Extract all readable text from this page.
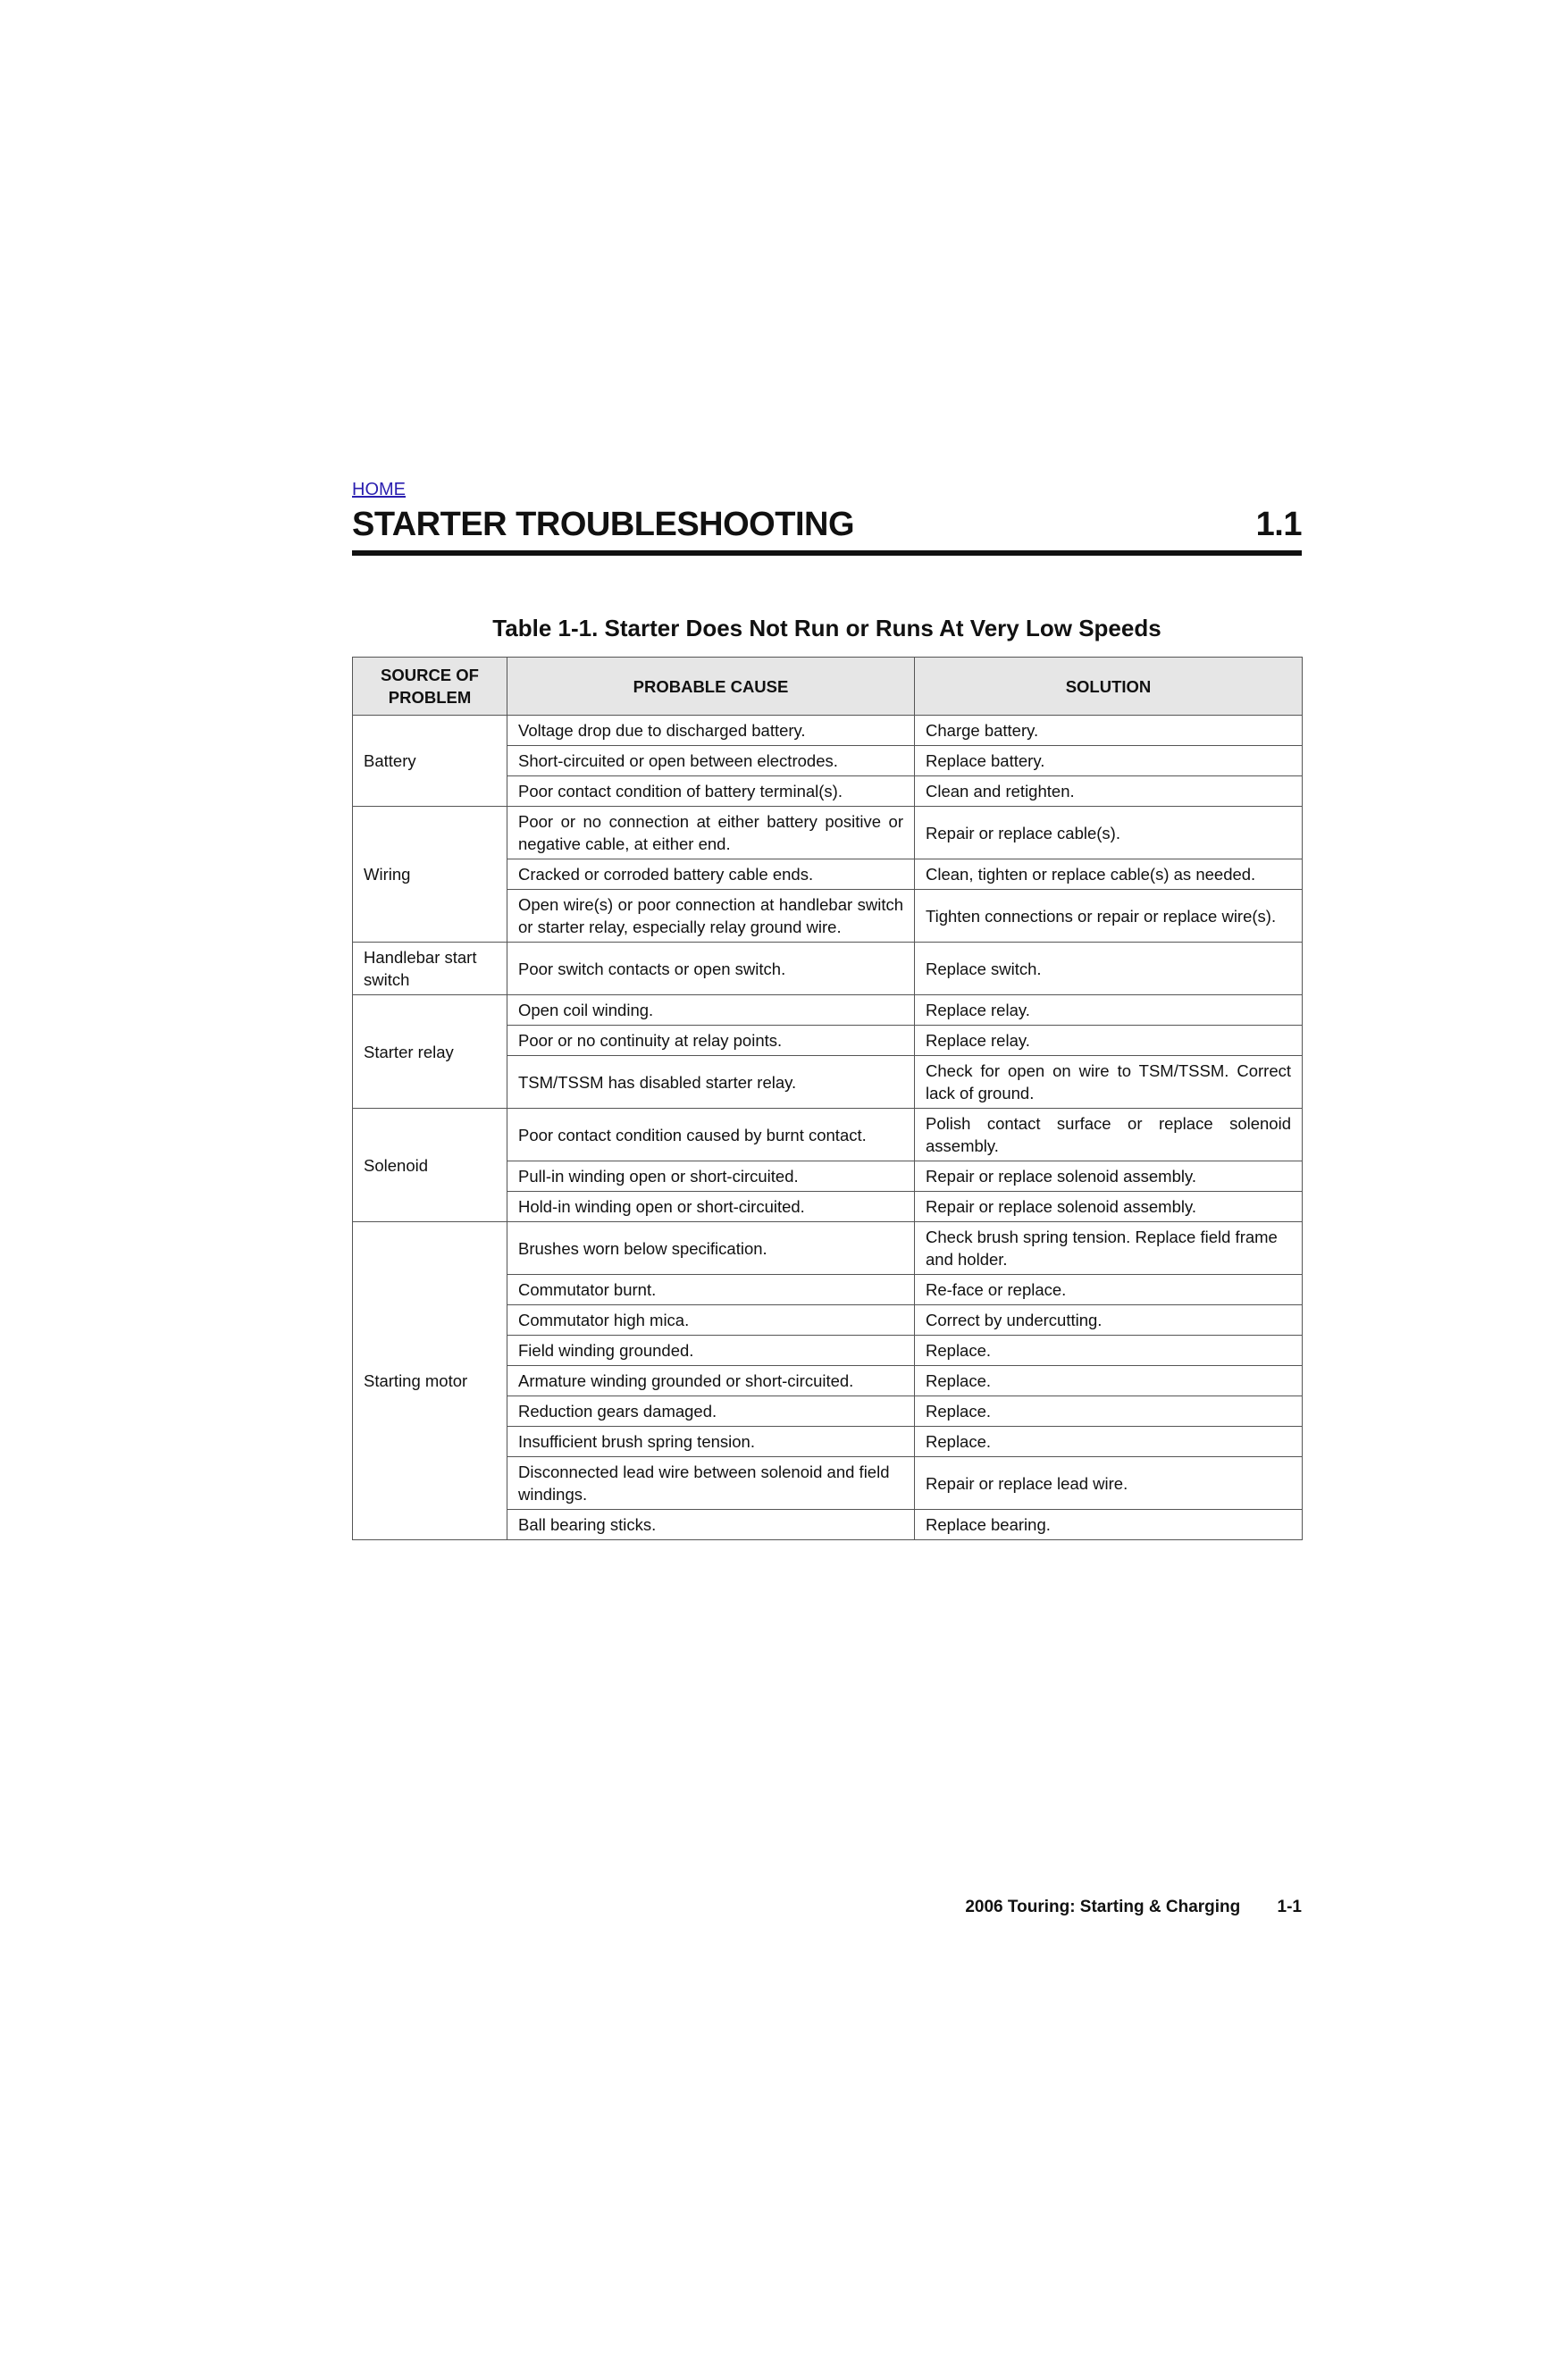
HOME
STARTER TROUBLESHOOTING	1.1
Table 1-1. Starter Does Not Run or Runs At Very Low Speeds
SOURCE OF PROBLEM	PROBABLE CAUSE	SOLUTION
Battery	Voltage drop due to discharged battery.	Charge battery.
	Short-circuited or open between electrodes.	Replace battery.
	Poor contact condition of battery terminal(s).	Clean and retighten.
Wiring	Poor or no connection at either battery positive or negative cable, at either end.	Repair or replace cable(s).
	Cracked or corroded battery cable ends.	Clean, tighten or replace cable(s) as needed.
	Open wire(s) or poor connection at handlebar switch or starter relay, especially relay ground wire.	Tighten connections or repair or replace wire(s).
Handlebar start switch	Poor switch contacts or open switch.	Replace switch.
Starter relay	Open coil winding.	Replace relay.
	Poor or no continuity at relay points.	Replace relay.
	TSM/TSSM has disabled starter relay.	Check for open on wire to TSM/TSSM. Correct lack of ground.
Solenoid	Poor contact condition caused by burnt contact.	Polish contact surface or replace solenoid assembly.
	Pull-in winding open or short-circuited.	Repair or replace solenoid assembly.
	Hold-in winding open or short-circuited.	Repair or replace solenoid assembly.
Starting motor	Brushes worn below specification.	Check brush spring tension. Replace field frame and holder.
	Commutator burnt.	Re-face or replace.
	Commutator high mica.	Correct by undercutting.
	Field winding grounded.	Replace.
	Armature winding grounded or short-circuited.	Replace.
	Reduction gears damaged.	Replace.
	Insufficient brush spring tension.	Replace.
	Disconnected lead wire between solenoid and field windings.	Repair or replace lead wire.
	Ball bearing sticks.	Replace bearing.
2006 Touring: Starting & Charging 1-1
